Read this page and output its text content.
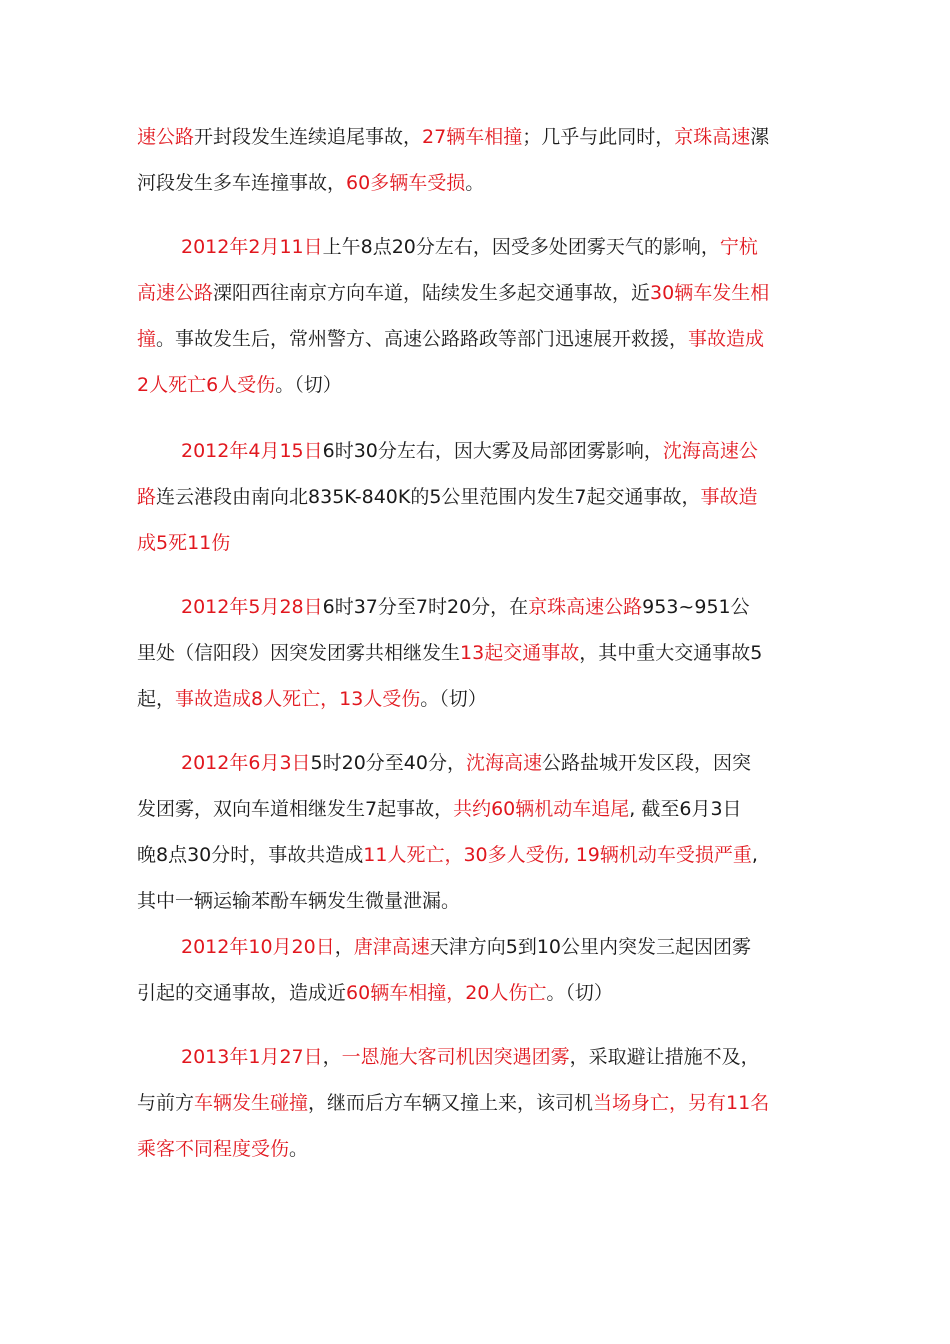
速公路开封段发生连续追尾事故，27辆车相撞；几乎与此同时，京珠高速漯
河段发生多车连撞事故，60多辆车受损。
2012年2月11日上午8点20分左右，因受多处团雾天气的影响，宁杭
高速公路溧阳西往南京方向车道，陆续发生多起交通事故，近30辆车发生相
撞。事故发生后，常州警方、高速公路路政等部门迅速展开救援，事故造成
2人死亡6人受伤。（切）
2012年4月15日6时30分左右，因大雾及局部团雾影响，沈海高速公
路连云港段由南向北835K-840K的5公里范围内发生7起交通事故，事故造
成5死11伤
2012年5月28日6时37分至7时20分，在京珠高速公路953~951公
里处（信阳段）因突发团雾共相继发生13起交通事故，其中重大交通事故5
起，事故造成8人死亡，13人受伤。（切）
2012年6月3日5时20分至40分，沈海高速公路盐城开发区段，因突
发团雾，双向车道相继发生7起事故，共约60辆机动车追尾, 截至6月3日
晚8点30分时，事故共造成11人死亡，30多人受伤, 19辆机动车受损严重,
其中一辆运输苯酚车辆发生微量泄漏。
2012年10月20日，唐津高速天津方向5到10公里内突发三起因团雾
引起的交通事故，造成近60辆车相撞，20人伤亡。（切）
2013年1月27日，一恩施大客司机因突遇团雾，采取避让措施不及，
与前方车辆发生碰撞，继而后方车辆又撞上来，该司机当场身亡，另有11名
乘客不同程度受伤。
